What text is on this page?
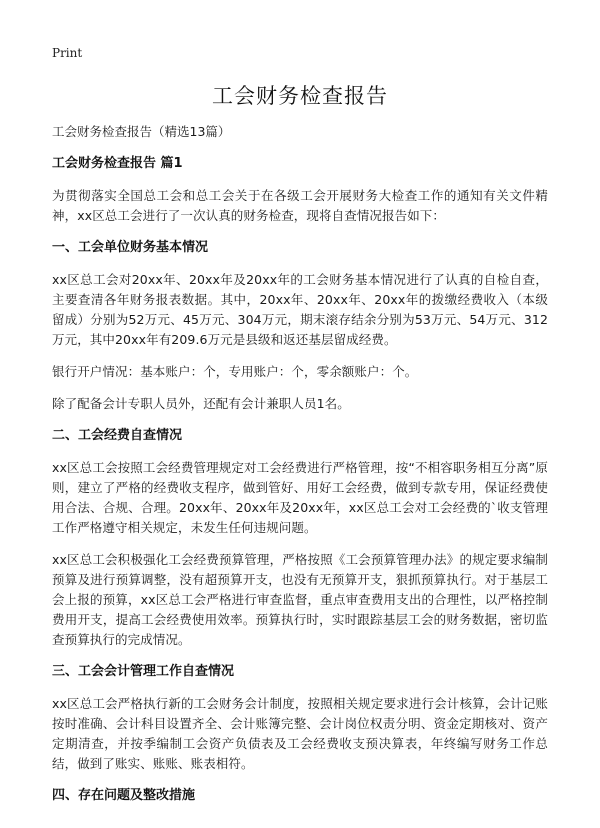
Print
工会财务检查报告
工会财务检查报告（精选13篇）
工会财务检查报告 篇1
为贯彻落实全国总工会和总工会关于在各级工会开展财务大检查工作的通知有关文件精神，xx区总工会进行了一次认真的财务检查，现将自查情况报告如下：
一、工会单位财务基本情况
xx区总工会对20xx年、20xx年及20xx年的工会财务基本情况进行了认真的自检自查，主要查清各年财务报表数据。其中，20xx年、20xx年、20xx年的拨缴经费收入（本级留成）分别为52万元、45万元、304万元，期末滚存结余分别为53万元、54万元、312万元，其中20xx年有209.6万元是县级和返还基层留成经费。
银行开户情况：基本账户：个，专用账户：个，零余额账户：个。
除了配备会计专职人员外，还配有会计兼职人员1名。
二、工会经费自查情况
xx区总工会按照工会经费管理规定对工会经费进行严格管理，按“不相容职务相互分离”原则，建立了严格的经费收支程序，做到管好、用好工会经费，做到专款专用，保证经费使用合法、合规、合理。20xx年、20xx年及20xx年，xx区总工会对工会经费的`收支管理工作严格遵守相关规定，未发生任何违规问题。
xx区总工会积极强化工会经费预算管理，严格按照《工会预算管理办法》的规定要求编制预算及进行预算调整，没有超预算开支，也没有无预算开支，狠抓预算执行。对于基层工会上报的预算，xx区总工会严格进行审查监督，重点审查费用支出的合理性，以严格控制费用开支，提高工会经费使用效率。预算执行时，实时跟踪基层工会的财务数据，密切监查预算执行的完成情况。
三、工会会计管理工作自查情况
xx区总工会严格执行新的工会财务会计制度，按照相关规定要求进行会计核算，会计记账按时准确、会计科目设置齐全、会计账簿完整、会计岗位权责分明、资金定期核对、资产定期清查，并按季编制工会资产负债表及工会经费收支预决算表，年终编写财务工作总结，做到了账实、账账、账表相符。
四、存在问题及整改措施
